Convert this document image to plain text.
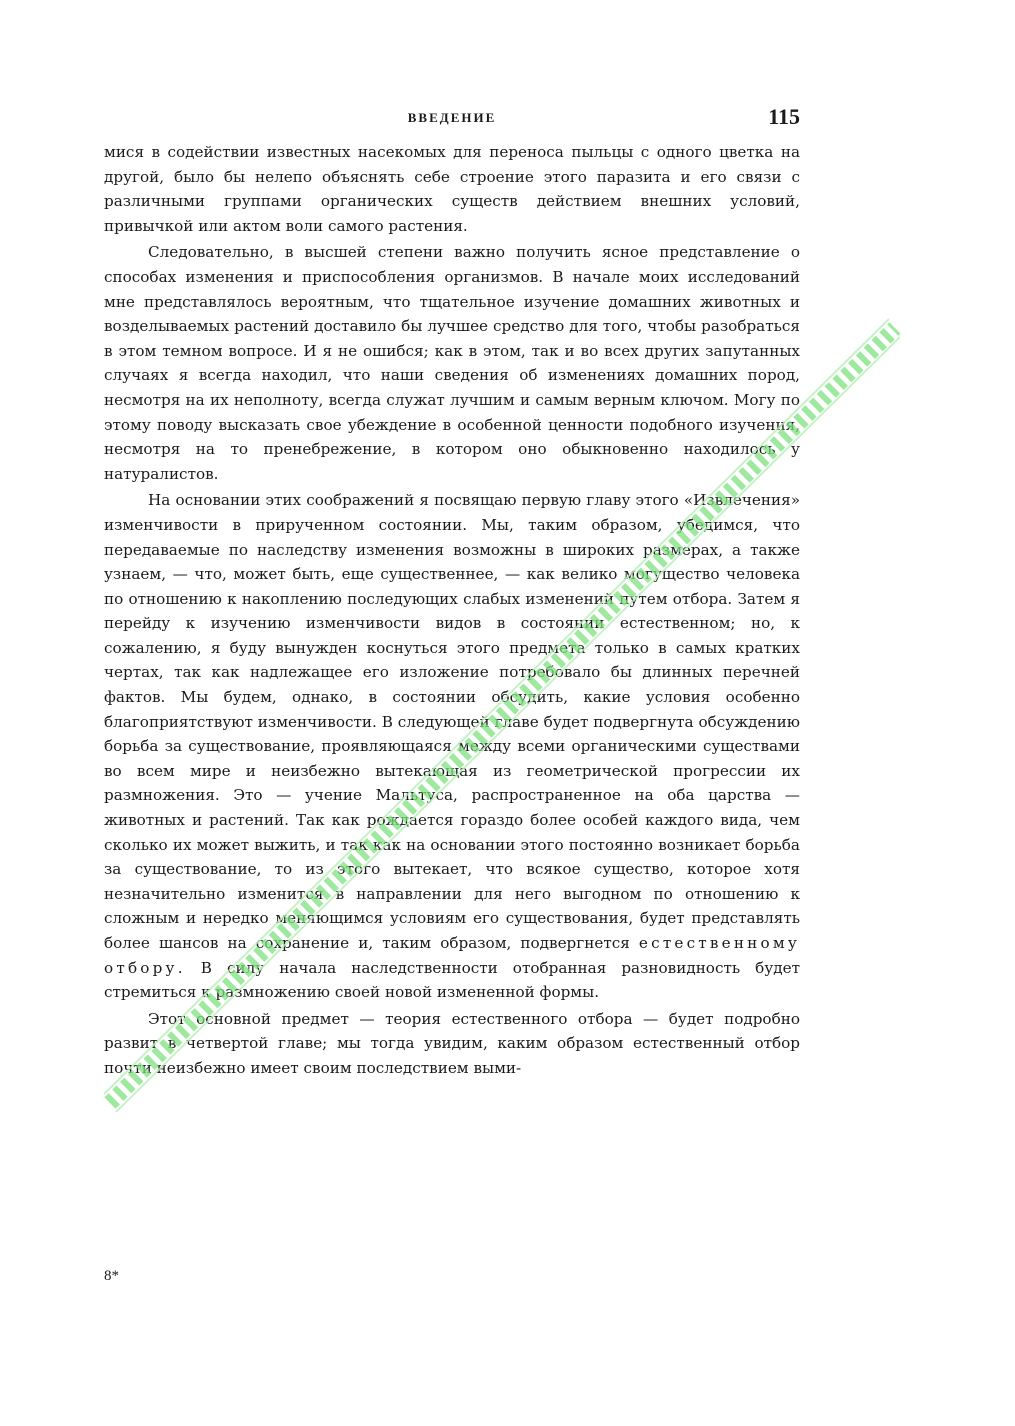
ВВЕДЕНИЕ	115

мися в содействии известных насекомых для переноса пыльцы с одного цветка на другой, было бы нелепо объяснять себе строение этого паразита и его связи с различными группами органических существ действием внешних условий, привычкой или актом воли самого растения.

Следовательно, в высшей степени важно получить ясное представление о способах изменения и приспособления организмов. В начале моих исследований мне представлялось вероятным, что тщательное изучение домашних животных и возделываемых растений доставило бы лучшее средство для того, чтобы разобраться в этом темном вопросе. И я не ошибся; как в этом, так и во всех других запутанных случаях я всегда находил, что наши сведения об изменениях домашних пород, несмотря на их неполноту, всегда служат лучшим и самым верным ключом. Могу по этому поводу высказать свое убеждение в особенной ценности подобного изучения, несмотря на то пренебрежение, в котором оно обыкновенно находилось у натуралистов.

На основании этих соображений я посвящаю первую главу этого «Извлечения» изменчивости в прирученном состоянии. Мы, таким образом, убедимся, что передаваемые по наследству изменения возможны в широких размерах, а также узнаем, — что, может быть, еще существеннее, — как велико могущество человека по отношению к накоплению последующих слабых изменений путем отбора. Затем я перейду к изучению изменчивости видов в состоянии естественном; но, к сожалению, я буду вынужден коснуться этого предмета только в самых кратких чертах, так как надлежащее его изложение потребовало бы длинных перечней фактов. Мы будем, однако, в состоянии обсудить, какие условия особенно благоприятствуют изменчивости. В следующей главе будет подвергнута обсуждению борьба за существование, проявляющаяся между всеми органическими существами во всем мире и неизбежно вытекающая из геометрической прогрессии их размножения. Это — учение Мальтуса, распространенное на оба царства — животных и растений. Так как рождается гораздо более особей каждого вида, чем сколько их может выжить, и так как на основании этого постоянно возникает борьба за существование, то из этого вытекает, что всякое существо, которое хотя незначительно изменится в направлении для него выгодном по отношению к сложным и нередко меняющимся условиям его существования, будет представлять более шансов на сохранение и, таким образом, подвергнется естественному отбору. В силу начала наследственности отобранная разновидность будет стремиться к размножению своей новой измененной формы.

Этот основной предмет — теория естественного отбора — будет подробно развит в четвертой главе; мы тогда увидим, каким образом естественный отбор почти неизбежно имеет своим последствием выми-

8*
